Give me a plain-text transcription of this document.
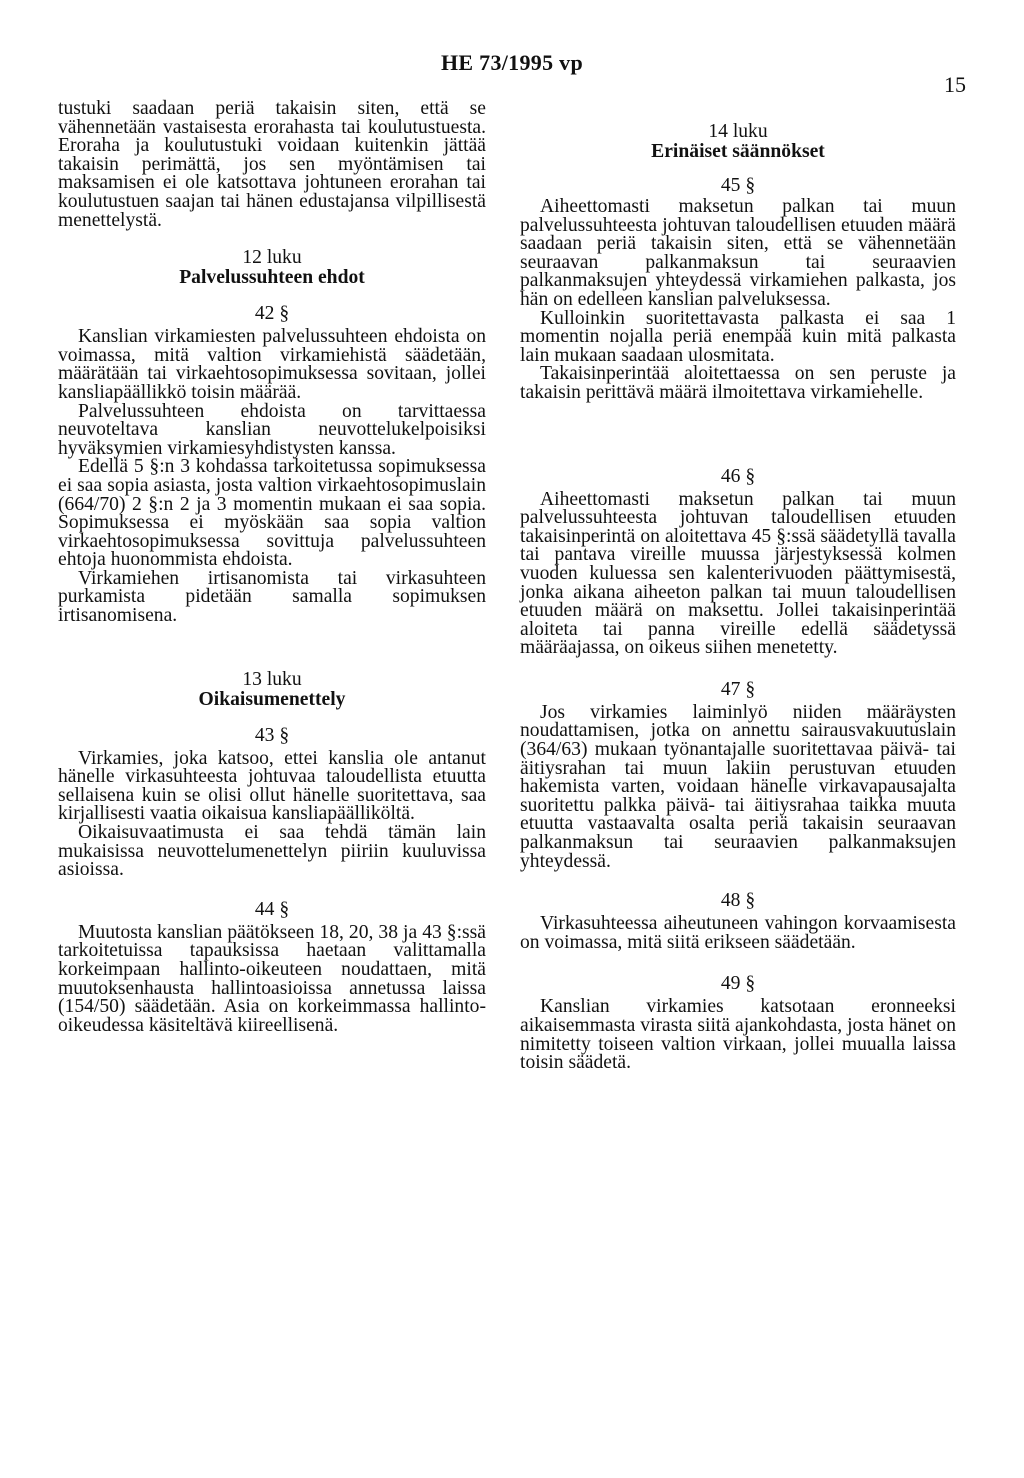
HE 73/1995 vp
15

tustuki saadaan periä takaisin siten, että se vähennetään vastaisesta erorahasta tai koulutustuesta. Eroraha ja koulutustuki voidaan kuitenkin jättää takaisin perimättä, jos sen myöntämisen tai maksamisen ei ole katsottava johtuneen erorahan tai koulutustuen saajan tai hänen edustajansa vilpillisestä menettelystä.

12 luku
Palvelussuhteen ehdot
42 §

Kanslian virkamiesten palvelussuhteen ehdoista on voimassa, mitä valtion virkamiehistä säädetään, määrätään tai virkaehtosopimuksessa sovitaan, jollei kansliapäällikkö toisin määrää.

Palvelussuhteen ehdoista on tarvittaessa neuvoteltava kanslian neuvottelukelpoisiksi hyväksymien virkamiesyhdistysten kanssa.

Edellä 5 §:n 3 kohdassa tarkoitetussa sopimuksessa ei saa sopia asiasta, josta valtion virkaehtosopimuslain (664/70) 2 §:n 2 ja 3 momentin mukaan ei saa sopia. Sopimuksessa ei myöskään saa sopia valtion virkaehtosopimuksessa sovittuja palvelussuhteen ehtoja huonommista ehdoista.

Virkamiehen irtisanomista tai virkasuhteen purkamista pidetään samalla sopimuksen irtisanomisena.

13 luku
Oikaisumenettely
43 §

Virkamies, joka katsoo, ettei kanslia ole antanut hänelle virkasuhteesta johtuvaa taloudellista etuutta sellaisena kuin se olisi ollut hänelle suoritettava, saa kirjallisesti vaatia oikaisua kansliapäälliköltä.

Oikaisuvaatimusta ei saa tehdä tämän lain mukaisissa neuvottelumenettelyn piiriin kuuluvissa asioissa.

44 §

Muutosta kanslian päätökseen 18, 20, 38 ja 43 §:ssä tarkoitetuissa tapauksissa haetaan valittamalla korkeimpaan hallinto-oikeuteen noudattaen, mitä muutoksenhausta hallintoasioissa annetussa laissa (154/50) säädetään. Asia on korkeimmassa hallinto-oikeudessa käsiteltävä kiireellisenä.

14 luku
Erinäiset säännökset
45 §

Aiheettomasti maksetun palkan tai muun palvelussuhteesta johtuvan taloudellisen etuuden määrä saadaan periä takaisin siten, että se vähennetään seuraavan palkanmaksun tai seuraavien palkanmaksujen yhteydessä virkamiehen palkasta, jos hän on edelleen kanslian palveluksessa.

Kulloinkin suoritettavasta palkasta ei saa 1 momentin nojalla periä enempää kuin mitä palkasta lain mukaan saadaan ulosmitata.

Takaisinperintää aloitettaessa on sen peruste ja takaisin perittävä määrä ilmoitettava virkamiehelle.

46 §

Aiheettomasti maksetun palkan tai muun palvelussuhteesta johtuvan taloudellisen etuuden takaisinperintä on aloitettava 45 §:ssä säädetyllä tavalla tai pantava vireille muussa järjestyksessä kolmen vuoden kuluessa sen kalenterivuoden päättymisestä, jonka aikana aiheeton palkan tai muun taloudellisen etuuden määrä on maksettu. Jollei takaisinperintää aloiteta tai panna vireille edellä säädetyssä määräajassa, on oikeus siihen menetetty.

47 §

Jos virkamies laiminlyö niiden määräysten noudattamisen, jotka on annettu sairausvakuutuslain (364/63) mukaan työnantajalle suoritettavaa päivä- tai äitiysrahan tai muun lakiin perustuvan etuuden hakemista varten, voidaan hänelle virkavapausajalta suoritettu palkka päivä- tai äitiysrahaa taikka muuta etuutta vastaavalta osalta periä takaisin seuraavan palkanmaksun tai seuraavien palkanmaksujen yhteydessä.

48 §

Virkasuhteessa aiheutuneen vahingon korvaamisesta on voimassa, mitä siitä erikseen säädetään.

49 §

Kanslian virkamies katsotaan eronneeksi aikaisemmasta virasta siitä ajankohdasta, josta hänet on nimitetty toiseen valtion virkaan, jollei muualla laissa toisin säädetä.
